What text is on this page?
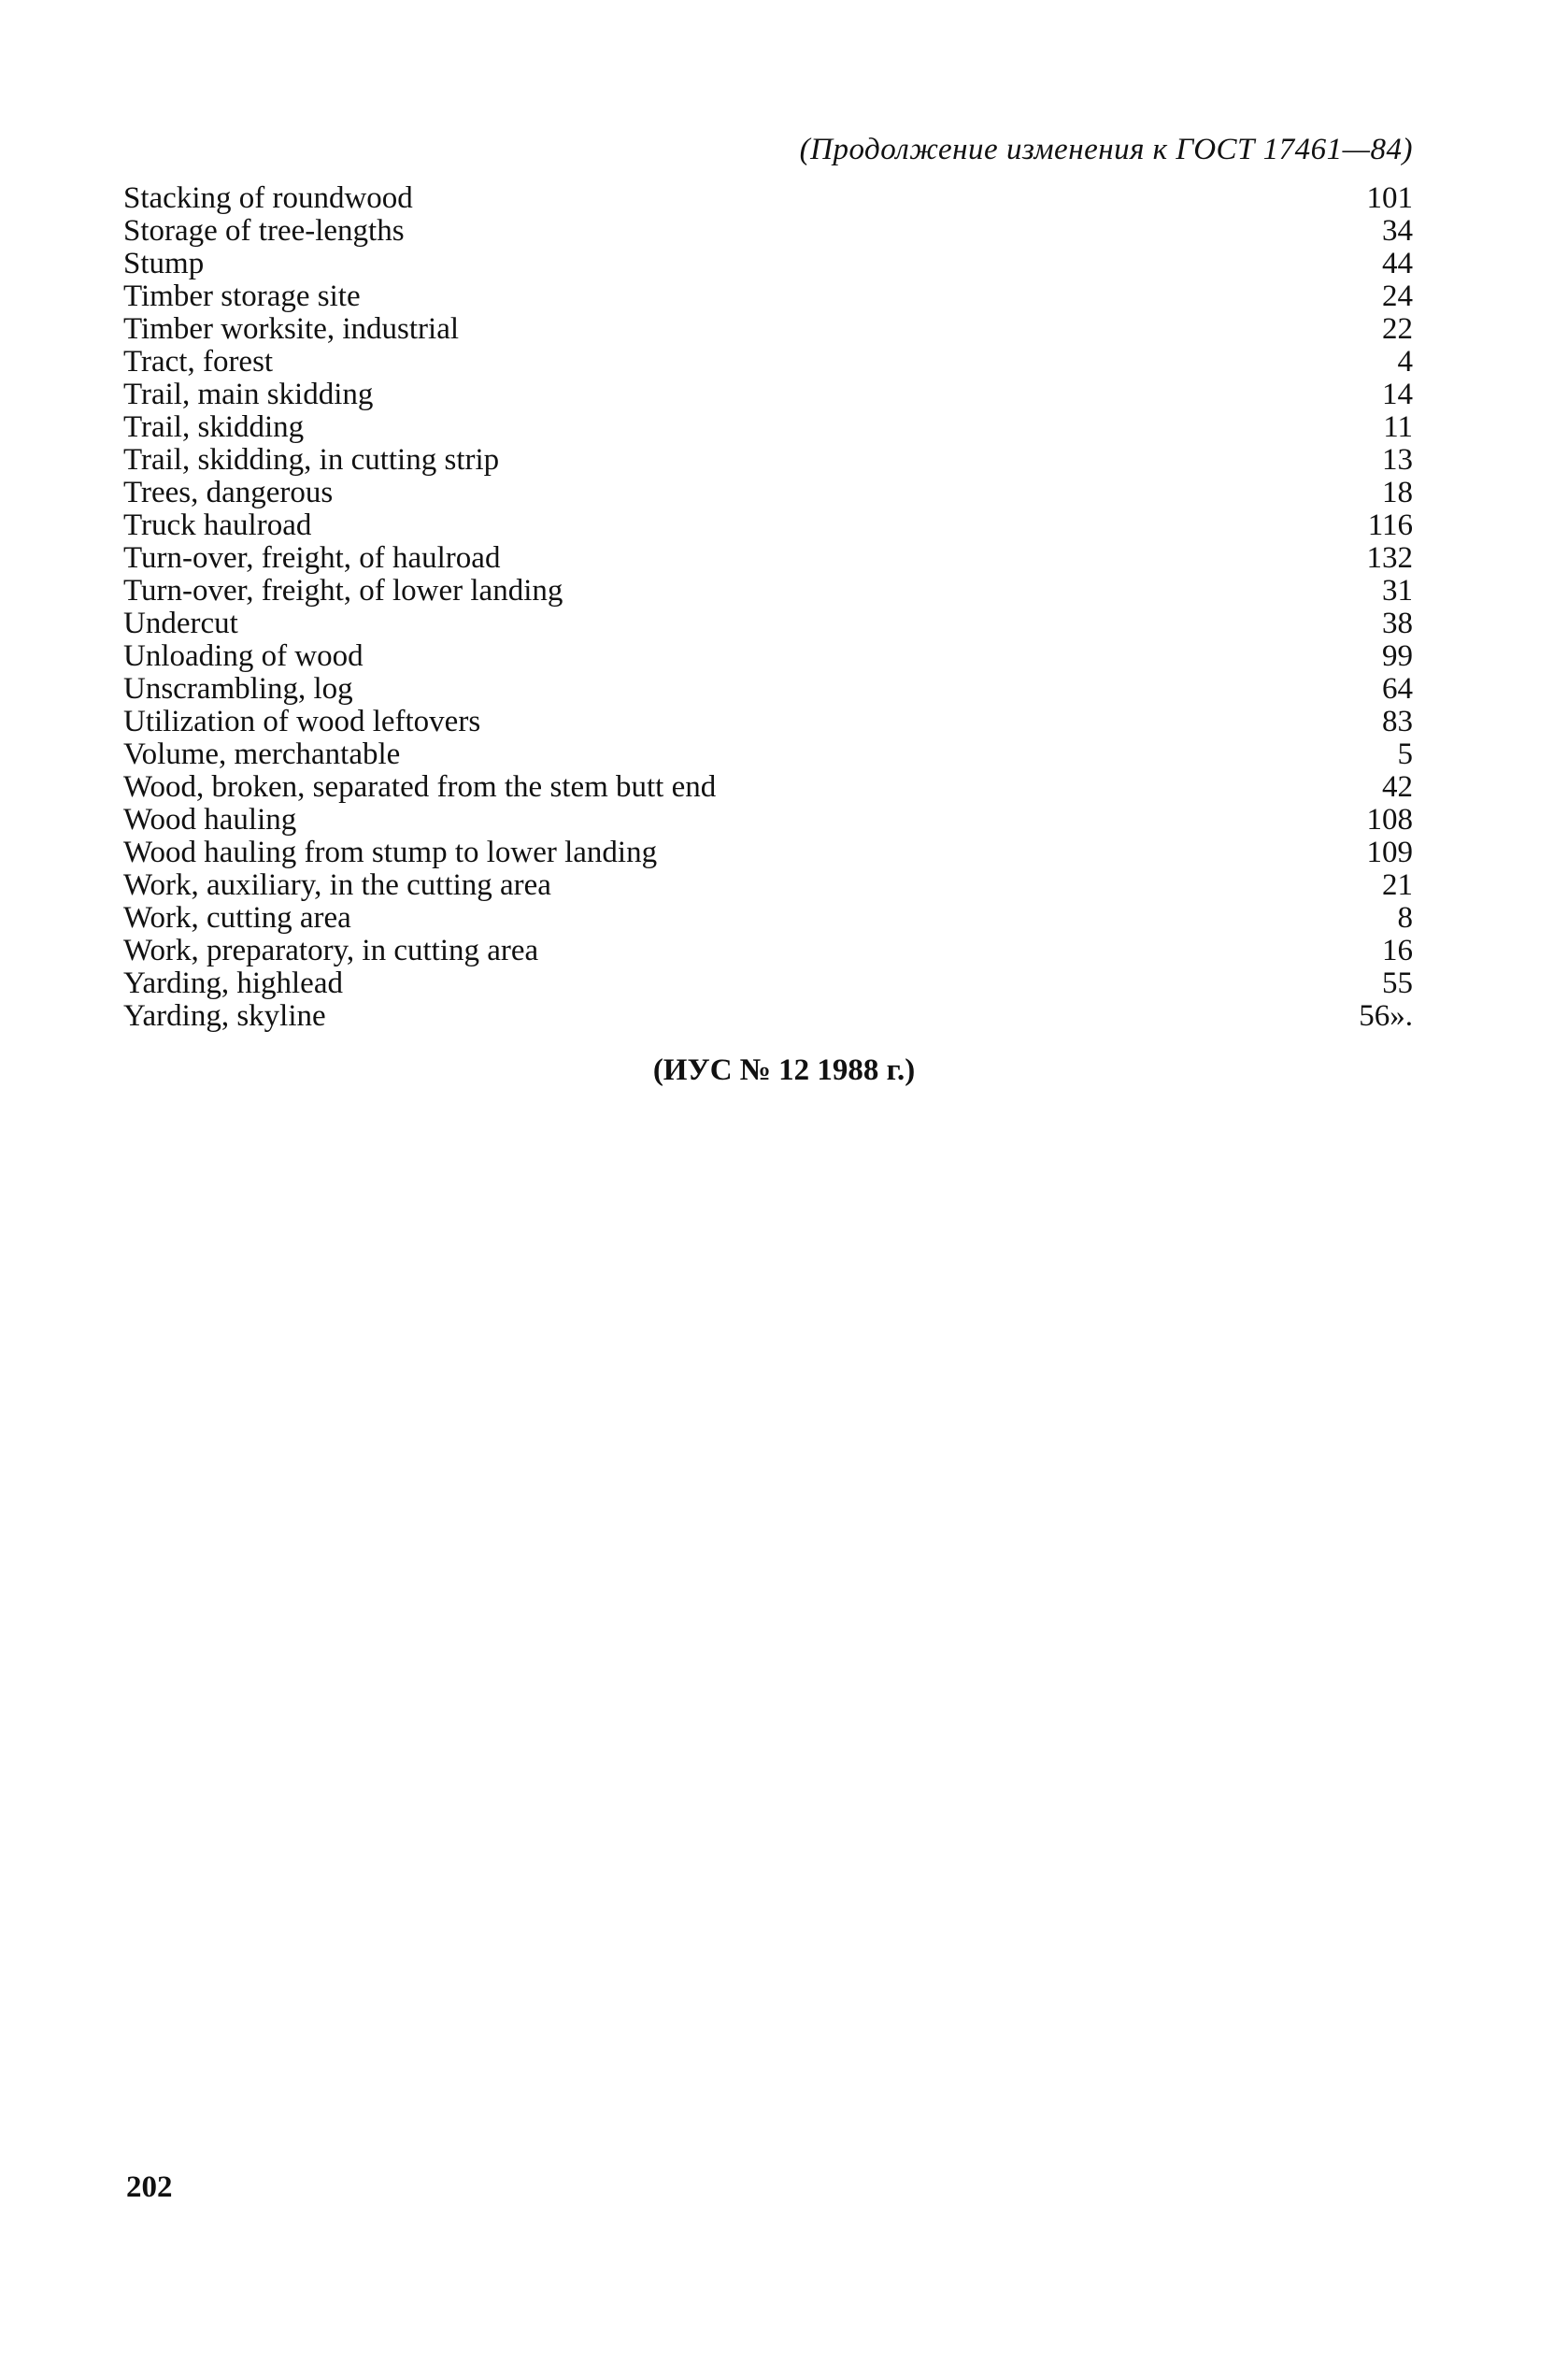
(Продолжение изменения к ГОСТ 17461—84)
Stacking of roundwood	101
Storage of tree-lengths	34
Stump	44
Timber storage site	24
Timber worksite, industrial	22
Tract, forest	4
Trail, main skidding	14
Trail, skidding	11
Trail, skidding, in cutting strip	13
Trees, dangerous	18
Truck haulroad	116
Turn-over, freight, of haulroad	132
Turn-over, freight, of lower landing	31
Undercut	38
Unloading of wood	99
Unscrambling, log	64
Utilization of wood leftovers	83
Volume, merchantable	5
Wood, broken, separated from the stem butt end	42
Wood hauling	108
Wood hauling from stump to lower landing	109
Work, auxiliary, in the cutting area	21
Work, cutting area	8
Work, preparatory, in cutting area	16
Yarding, highlead	55
Yarding, skyline	56».
(ИУС № 12 1988 г.)
202
